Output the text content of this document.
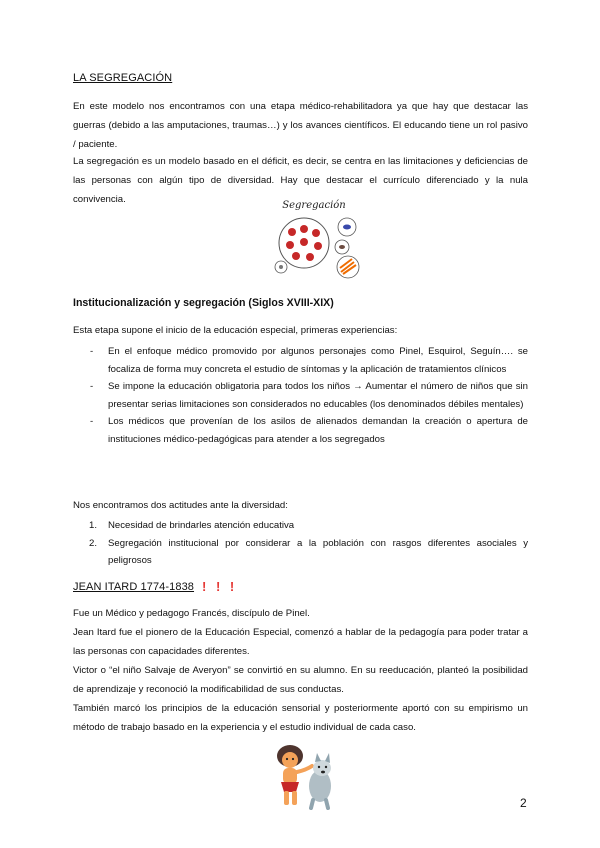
LA SEGREGACIÓN
En este modelo nos encontramos con una etapa médico-rehabilitadora ya que hay que destacar las guerras (debido a las amputaciones, traumas…) y los avances científicos. El educando tiene un rol pasivo / paciente.
La segregación es un modelo basado en el déficit, es decir, se centra en las limitaciones y deficiencias de las personas con algún tipo de diversidad. Hay que destacar el currículo diferenciado y la nula convivencia.
Segregación
Institucionalización y segregación (Siglos XVIII-XIX)
Esta etapa supone el inicio de la educación especial, primeras experiencias:
- En el enfoque médico promovido por algunos personajes como Pinel, Esquirol, Seguín…. se focaliza de forma muy concreta el estudio de síntomas y la aplicación de tratamientos clínicos
- Se impone la educación obligatoria para todos los niños → Aumentar el número de niños que sin presentar serias limitaciones son considerados no educables (los denominados débiles mentales)
- Los médicos que provenían de los asilos de alienados demandan la creación o apertura de instituciones médico-pedagógicas para atender a los segregados
Nos encontramos dos actitudes ante la diversidad:
1. Necesidad de brindarles atención educativa
2. Segregación institucional por considerar a la población con rasgos diferentes asociales y peligrosos
JEAN ITARD 1774-1838 ! ! !
Fue un Médico y pedagogo Francés, discípulo de Pinel.
Jean Itard fue el pionero de la Educación Especial, comenzó a hablar de la pedagogía para poder tratar a las personas con capacidades diferentes.
Victor o “el niño Salvaje de Averyon” se convirtió en su alumno. En su reeducación, planteó la posibilidad de aprendizaje y reconoció la modificabilidad de sus conductas.
También marcó los principios de la educación sensorial y posteriormente aportó con su empirismo un método de trabajo basado en la experiencia y el estudio individual de cada caso.
2
